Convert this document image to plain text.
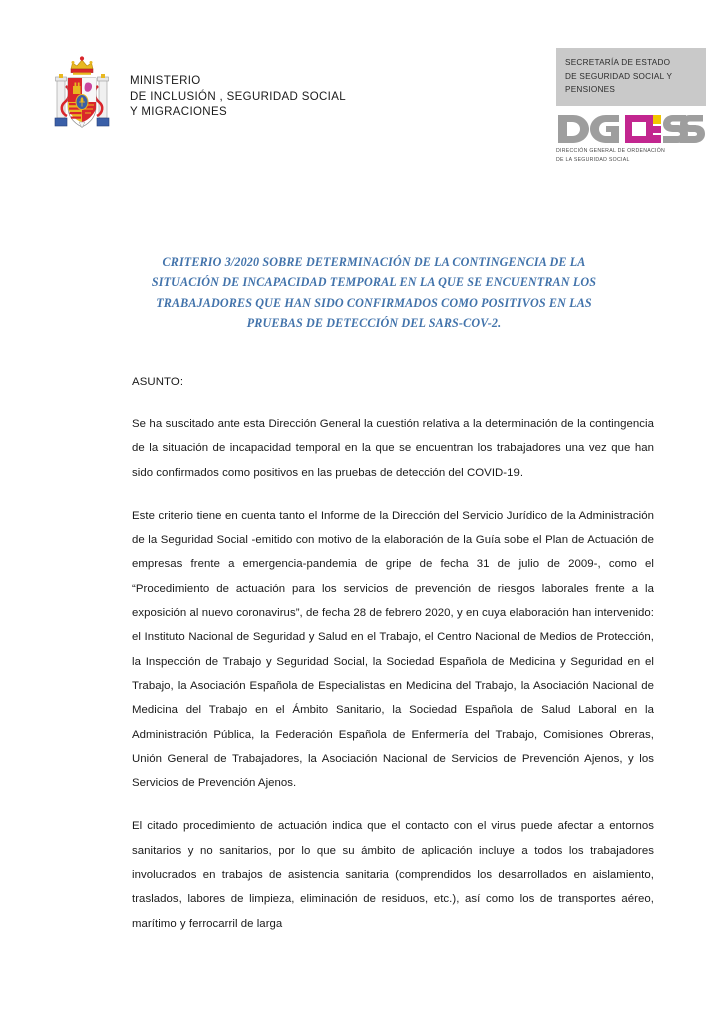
MINISTERIO
DE INCLUSIÓN , SEGURIDAD SOCIAL
Y MIGRACIONES
SECRETARÍA DE ESTADO
DE SEGURIDAD SOCIAL Y
PENSIONES
DIRECCIÓN GENERAL DE ORDENACIÓN
DE LA SEGURIDAD SOCIAL
CRITERIO 3/2020 SOBRE DETERMINACIÓN DE LA CONTINGENCIA DE LA SITUACIÓN DE INCAPACIDAD TEMPORAL EN LA QUE SE ENCUENTRAN LOS TRABAJADORES QUE HAN SIDO CONFIRMADOS COMO POSITIVOS EN LAS PRUEBAS DE DETECCIÓN DEL SARS-COV-2.
ASUNTO:

Se ha suscitado ante esta Dirección General la cuestión relativa a la determinación de la contingencia de la situación de incapacidad temporal en la que se encuentran los trabajadores una vez que han sido confirmados como positivos en las pruebas de detección del COVID-19.

Este criterio tiene en cuenta tanto el Informe de la Dirección del Servicio Jurídico de la Administración de la Seguridad Social -emitido con motivo de la elaboración de la Guía sobe el Plan de Actuación de empresas frente a emergencia-pandemia de gripe de fecha 31 de julio de 2009-, como el “Procedimiento de actuación para los servicios de prevención de riesgos laborales frente a la exposición al nuevo coronavirus”, de fecha 28 de febrero 2020, y en cuya elaboración han intervenido: el Instituto Nacional de Seguridad y Salud en el Trabajo, el Centro Nacional de Medios de Protección, la Inspección de Trabajo y Seguridad Social, la Sociedad Española de Medicina y Seguridad en el Trabajo, la Asociación Española de Especialistas en Medicina del Trabajo, la Asociación Nacional de Medicina del Trabajo en el Ámbito Sanitario, la Sociedad Española de Salud Laboral en la Administración Pública, la Federación Española de Enfermería del Trabajo, Comisiones Obreras, Unión General de Trabajadores, la Asociación Nacional de Servicios de Prevención Ajenos, y los Servicios de Prevención Ajenos.

El citado procedimiento de actuación indica que el contacto con el virus puede afectar a entornos sanitarios y no sanitarios, por lo que su ámbito de aplicación incluye a todos los trabajadores involucrados en trabajos de asistencia sanitaria (comprendidos los desarrollados en aislamiento, traslados, labores de limpieza, eliminación de residuos, etc.), así como los de transportes aéreo, marítimo y ferrocarril de larga
